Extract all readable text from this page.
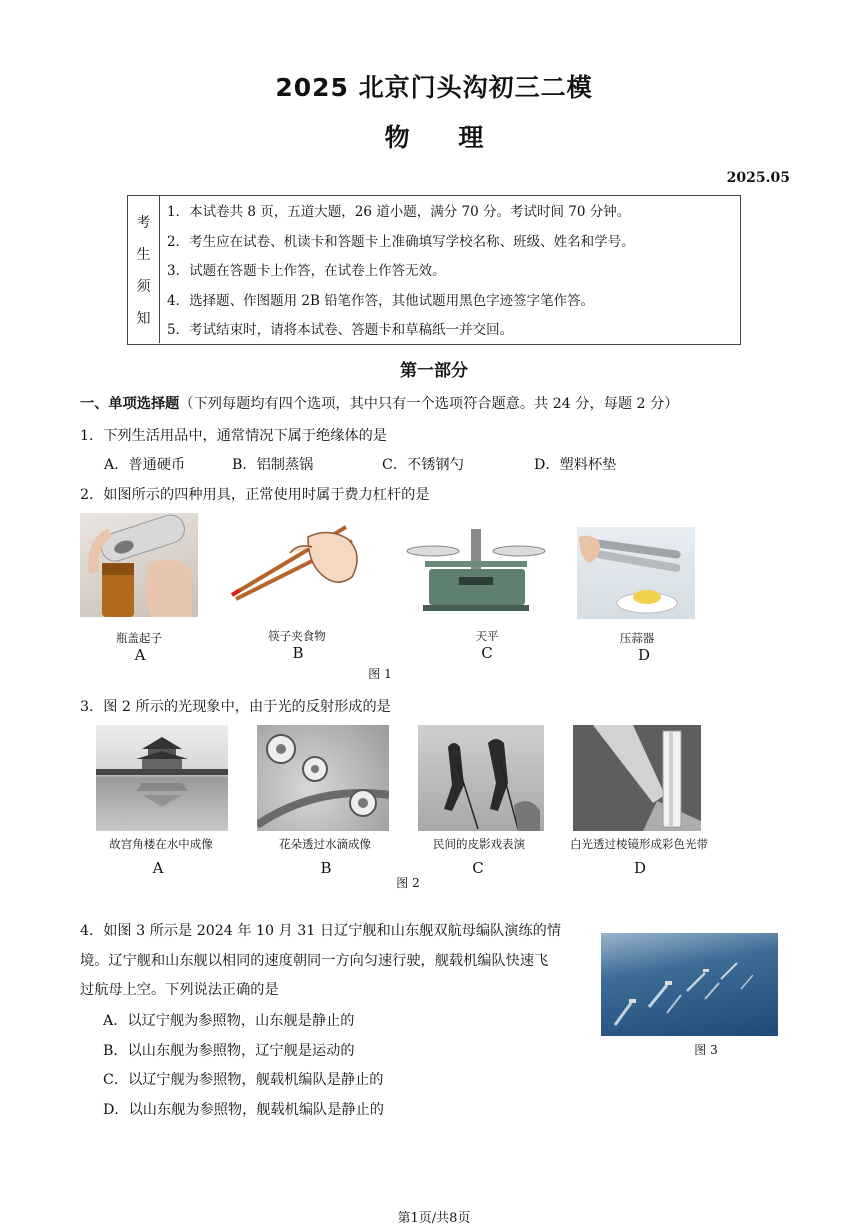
2025 北京门头沟初三二模
物 理
2025.05
考
生
须
知
1．本试卷共 8 页，五道大题，26 道小题，满分 70 分。考试时间 70 分钟。
2．考生应在试卷、机读卡和答题卡上准确填写学校名称、班级、姓名和学号。
3．试题在答题卡上作答，在试卷上作答无效。
4．选择题、作图题用 2B 铅笔作答，其他试题用黑色字迹签字笔作答。
5．考试结束时，请将本试卷、答题卡和草稿纸一并交回。
第一部分
一、单项选择题（下列每题均有四个选项，其中只有一个选项符合题意。共 24 分，每题 2 分）
1．下列生活用品中，通常情况下属于绝缘体的是
A．普通硬币	B．铝制蒸锅	C．不锈钢勺	D．塑料杯垫
2．如图所示的四种用具，正常使用时属于费力杠杆的是
瓶盖起子	筷子夹食物	天平	压蒜器
A	B	C	D
图 1
3．图 2 所示的光现象中，由于光的反射形成的是
故宫角楼在水中成像	花朵透过水滴成像	民间的皮影戏表演	白光透过棱镜形成彩色光带
A	B	C	D
图 2
4．如图 3 所示是 2024 年 10 月 31 日辽宁舰和山东舰双航母编队演练的情
境。辽宁舰和山东舰以相同的速度朝同一方向匀速行驶，舰载机编队快速飞
过航母上空。下列说法正确的是
A．以辽宁舰为参照物，山东舰是静止的
B．以山东舰为参照物，辽宁舰是运动的
C．以辽宁舰为参照物，舰载机编队是静止的
D．以山东舰为参照物，舰载机编队是静止的
图 3
第1页/共8页
